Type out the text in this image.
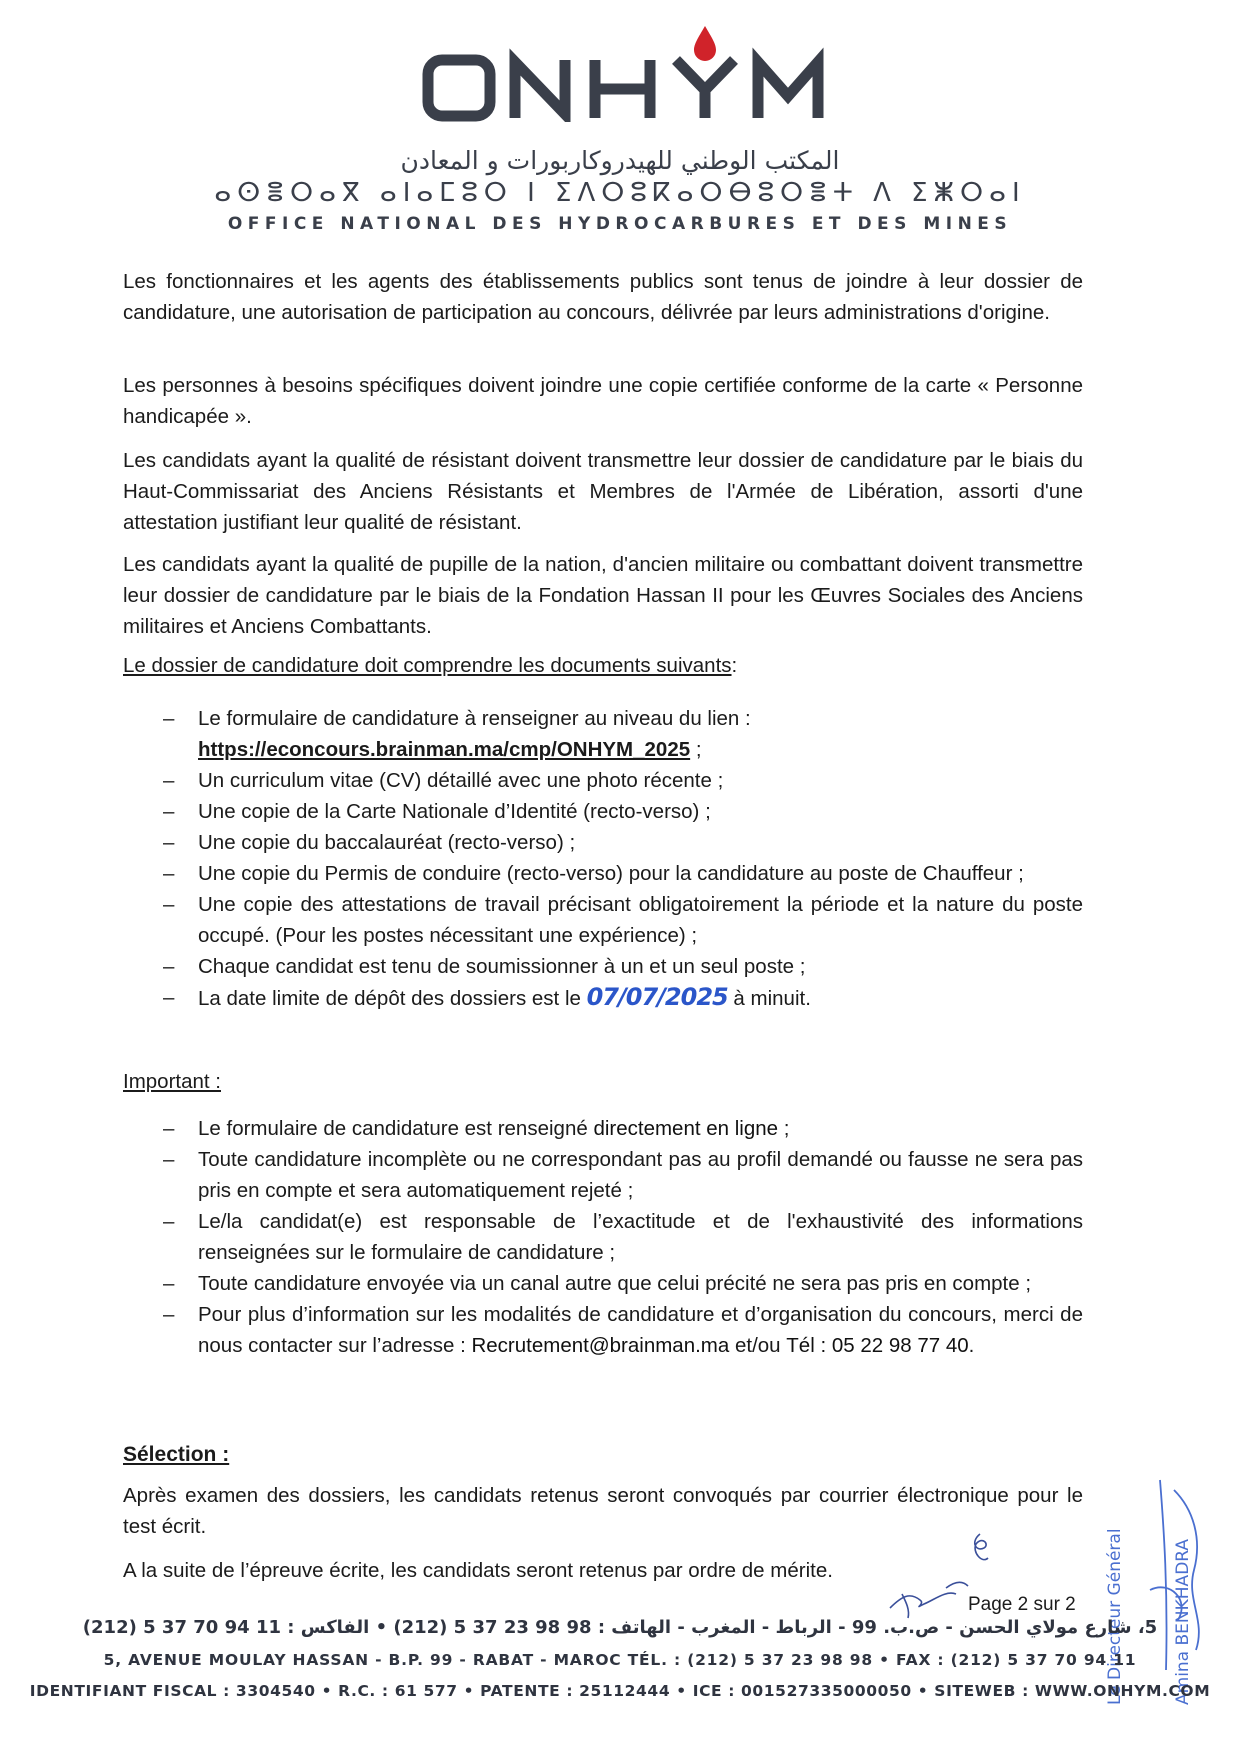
المكتب الوطني للهيدروكاربورات و المعادن
ⴰⵙⴻⵔⴰⴳ ⴰⵏⴰⵎⵓⵔ ⵏ ⵉⴷⵔⵓⴽⴰⵔⴱⵓⵔⴻⵜ ⴷ ⵉⵥⵔⴰⵏ
OFFICE NATIONAL DES HYDROCARBURES ET DES MINES
Les fonctionnaires et les agents des établissements publics sont tenus de joindre à leur dossier de candidature, une autorisation de participation au concours, délivrée par leurs administrations d'origine.
Les personnes à besoins spécifiques doivent joindre une copie certifiée conforme de la carte « Personne handicapée ».
Les candidats ayant la qualité de résistant doivent transmettre leur dossier de candidature par le biais du Haut-Commissariat des Anciens Résistants et Membres de l'Armée de Libération, assorti d'une attestation justifiant leur qualité de résistant.
Les candidats ayant la qualité de pupille de la nation, d'ancien militaire ou combattant doivent transmettre leur dossier de candidature par le biais de la Fondation Hassan II pour les Œuvres Sociales des Anciens militaires et Anciens Combattants.
Le dossier de candidature doit comprendre les documents suivants:
– Le formulaire de candidature à renseigner au niveau du lien :
https://econcours.brainman.ma/cmp/ONHYM_2025 ;
– Un curriculum vitae (CV) détaillé avec une photo récente ;
– Une copie de la Carte Nationale d’Identité (recto-verso) ;
– Une copie du baccalauréat (recto-verso) ;
– Une copie du Permis de conduire (recto-verso) pour la candidature au poste de Chauffeur ;
– Une copie des attestations de travail précisant obligatoirement la période et la nature du poste occupé. (Pour les postes nécessitant une expérience) ;
– Chaque candidat est tenu de soumissionner à un et un seul poste ;
– La date limite de dépôt des dossiers est le 07/07/2025 à minuit.
Important :
– Le formulaire de candidature est renseigné directement en ligne ;
– Toute candidature incomplète ou ne correspondant pas au profil demandé ou fausse ne sera pas pris en compte et sera automatiquement rejeté ;
– Le/la candidat(e) est responsable de l’exactitude et de l'exhaustivité des informations renseignées sur le formulaire de candidature ;
– Toute candidature envoyée via un canal autre que celui précité ne sera pas pris en compte ;
– Pour plus d’information sur les modalités de candidature et d’organisation du concours, merci de nous contacter sur l’adresse : Recrutement@brainman.ma et/ou Tél : 05 22 98 77 40.
Sélection :
Après examen des dossiers, les candidats retenus seront convoqués par courrier électronique pour le test écrit.
A la suite de l’épreuve écrite, les candidats seront retenus par ordre de mérite.
Page 2 sur 2 Le Directeur Général	Amina BENKHADRA
5، شارع مولاي الحسن - ص.ب. 99 - الرباط - المغرب - الهاتف : 98 98 23 37 5 (212) • الفاكس : 11 94 70 37 5 (212)
5, AVENUE MOULAY HASSAN - B.P. 99 - RABAT - MAROC TÉL. : (212) 5 37 23 98 98 • FAX : (212) 5 37 70 94 11
IDENTIFIANT FISCAL : 3304540 • R.C. : 61 577 • PATENTE : 25112444 • ICE : 001527335000050 • SITEWEB : WWW.ONHYM.COM
